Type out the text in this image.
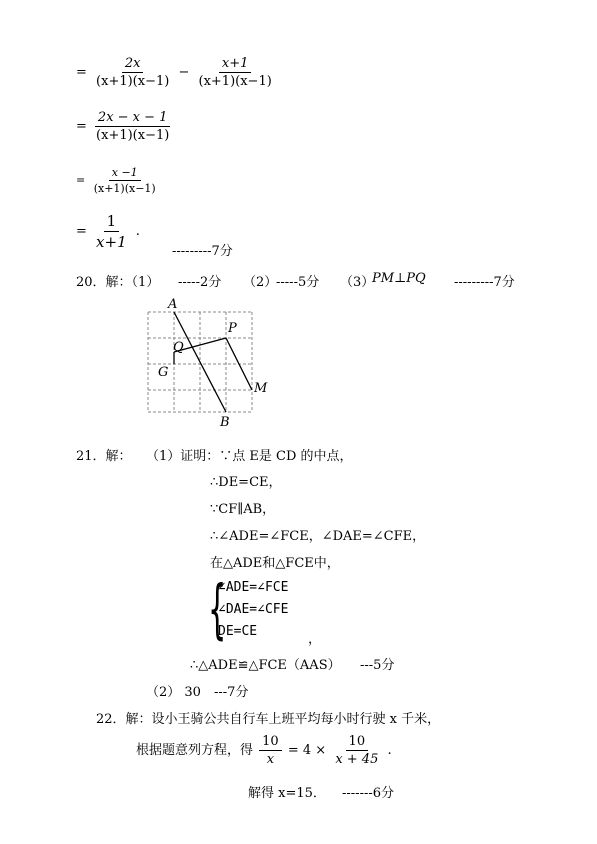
= $\frac{2x}{(x+1)(x-1)} - \frac{x+1}{(x+1)(x-1)}$
= $\frac{2x - x - 1}{(x+1)(x-1)}$
= $\frac{x -1}{(x+1)(x-1)}$
= $\frac{1}{x+1}$ .
---------7分
20．解：（1） -----2分 （2）
-----5分 （3）
PM⊥PQ ---------7分
A
P
Q
G
M
B
21．解： （1）证明：∵点 E是 CD 的中点，
∴DE=CE，
∵CF∥AB，
∴∠ADE=∠FCE，∠DAE=∠CFE，
在△ADE和△FCE中，
{
∠ADE=∠FCE
∠DAE=∠CFE
DE=CE
，
∴△ADE≌△FCE（AAS） ---5分
（2） 30 ---7分
22．解：设小王骑公共自行车上班平均每小时行驶 x 千米，
根据题意列方程，得 $\frac{10}{x} = 4 \times \frac{10}{x + 45}$ .
解得 x=15． -------6分
